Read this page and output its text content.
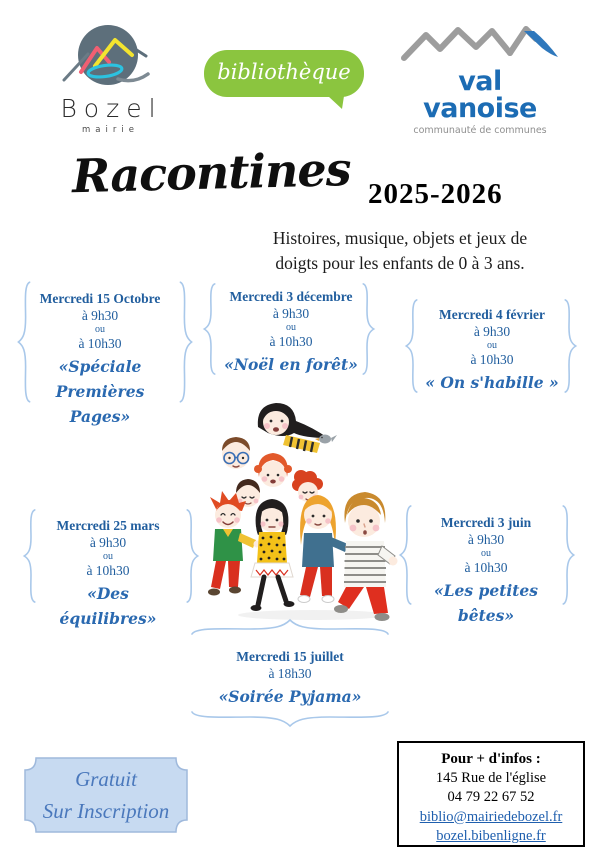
Bozel
mairie
bibliothèque	val vanoise
communauté de communes
Racontines 2025-2026
Histoires, musique, objets et jeux de
doigts pour les enfants de 0 à 3 ans.
Mercredi 15 Octobre
à 9h30
ou
à 10h30
«Spéciale
Premières Pages»
Mercredi 3 décembre
à 9h30
ou
à 10h30
«Noël en forêt»
Mercredi 4 février
à 9h30
ou
à 10h30
« On s'habille »
Mercredi 25 mars
à 9h30
ou
à 10h30
«Des équilibres»
Mercredi 3 juin
à 9h30
ou
à 10h30
«Les petites bêtes»
Mercredi 15 juillet
à 18h30
«Soirée Pyjama»
Gratuit
Sur Inscription
Pour + d'infos :
145 Rue de l'église
04 79 22 67 52
biblio@mairiedebozel.fr
bozel.bibenligne.fr
